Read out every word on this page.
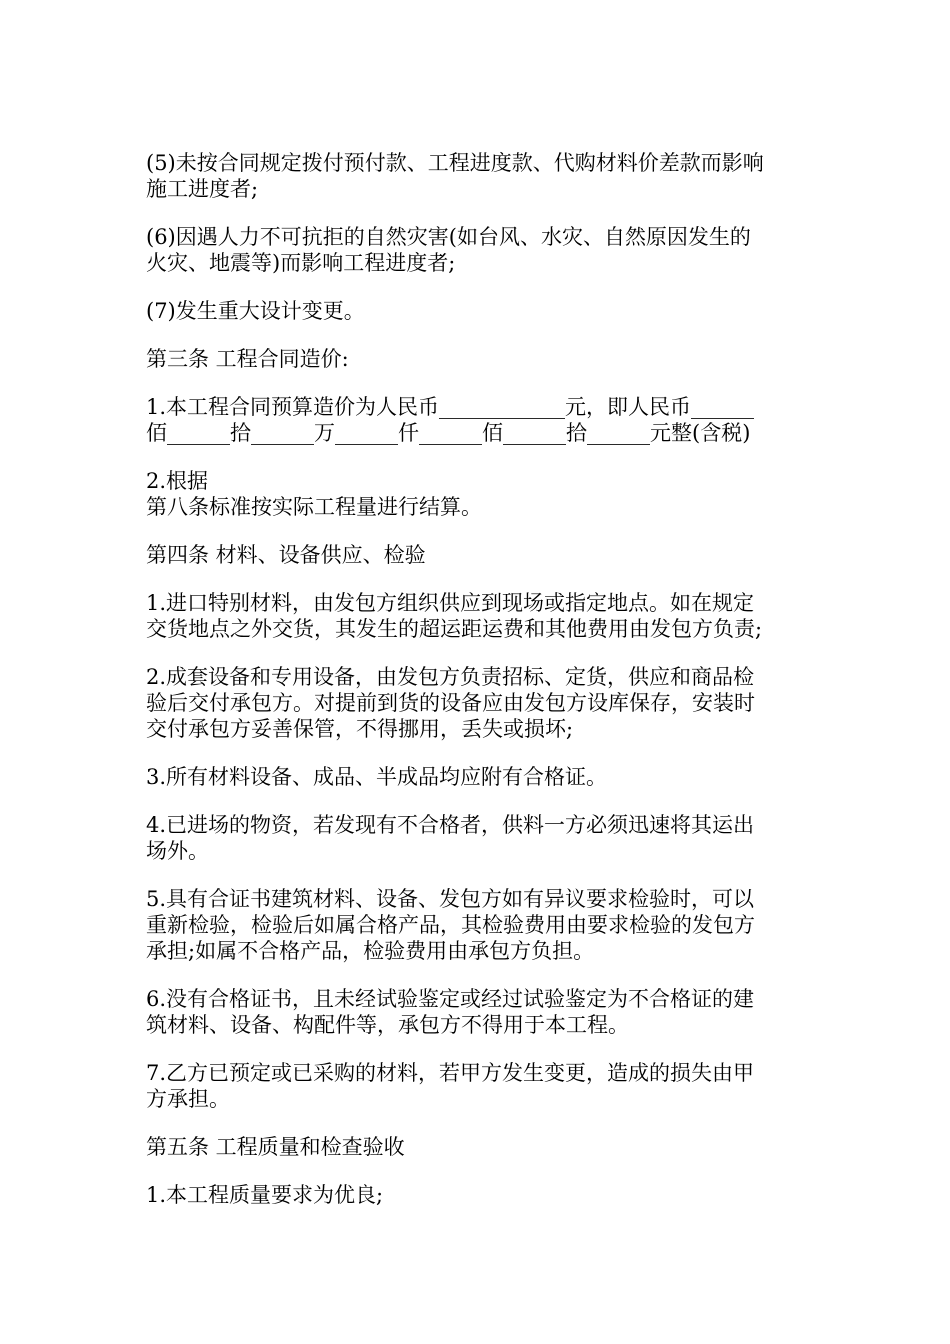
(5)未按合同规定拨付预付款、工程进度款、代购材料价差款而影响
施工进度者;
(6)因遇人力不可抗拒的自然灾害(如台风、水灾、自然原因发生的
火灾、地震等)而影响工程进度者;
(7)发生重大设计变更。
第三条 工程合同造价:
1.本工程合同预算造价为人民币____________元，即人民币______
佰______拾______万______仟______佰______拾______元整(含税)
2.根据
第八条标准按实际工程量进行结算。
第四条 材料、设备供应、检验
1.进口特别材料，由发包方组织供应到现场或指定地点。如在规定
交货地点之外交货，其发生的超运距运费和其他费用由发包方负责;
2.成套设备和专用设备，由发包方负责招标、定货，供应和商品检
验后交付承包方。对提前到货的设备应由发包方设库保存，安装时
交付承包方妥善保管，不得挪用，丢失或损坏;
3.所有材料设备、成品、半成品均应附有合格证。
4.已进场的物资，若发现有不合格者，供料一方必须迅速将其运出
场外。
5.具有合证书建筑材料、设备、发包方如有异议要求检验时，可以
重新检验，检验后如属合格产品，其检验费用由要求检验的发包方
承担;如属不合格产品，检验费用由承包方负担。
6.没有合格证书，且未经试验鉴定或经过试验鉴定为不合格证的建
筑材料、设备、构配件等，承包方不得用于本工程。
7.乙方已预定或已采购的材料，若甲方发生变更，造成的损失由甲
方承担。
第五条 工程质量和检查验收
1.本工程质量要求为优良;
